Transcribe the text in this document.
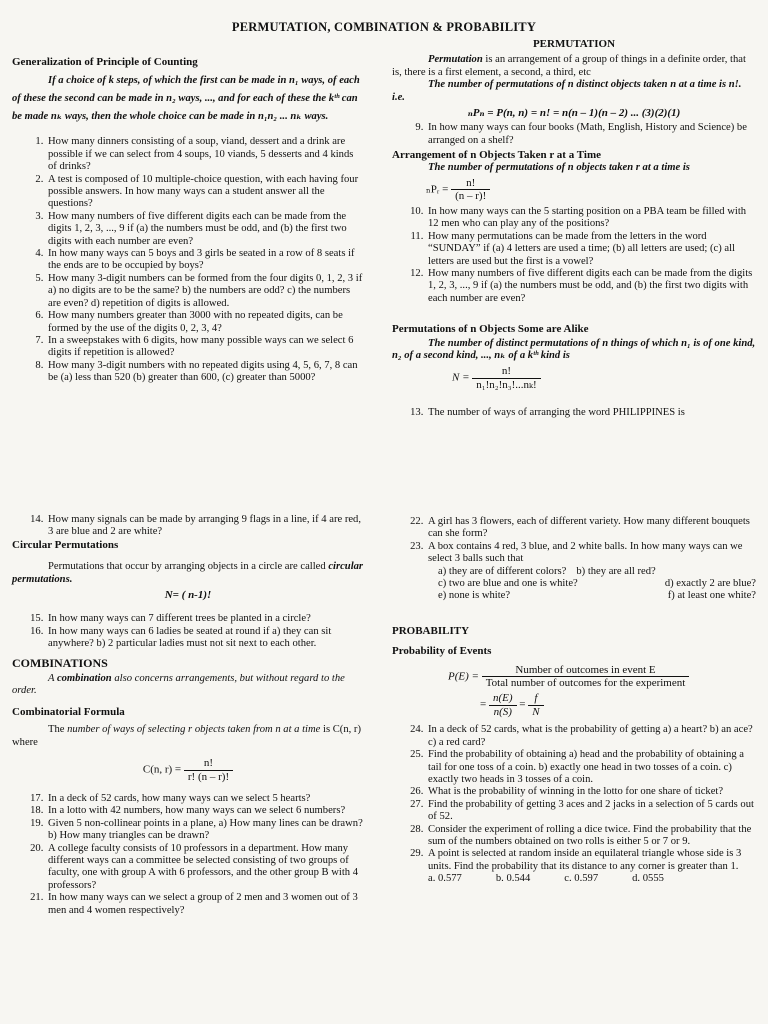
PERMUTATION, COMBINATION & PROBABILITY

Generalization of Principle of Counting

If a choice of k steps, of which the first can be made in n₁ ways, of each of these the second can be made in n₂ ways, ..., and for each of these the kᵗʰ can be made nₖ ways, then the whole choice can be made in n₁n₂ ... nₖ ways.

1. How many dinners consisting of a soup, viand, dessert and a drink are possible if we can select from 4 soups, 10 viands, 5 desserts and 4 kinds of drinks?
2. A test is composed of 10 multiple-choice question, with each having four possible answers. In how many ways can a student answer all the questions?
3. How many numbers of five different digits each can be made from the digits 1, 2, 3, ..., 9 if (a) the numbers must be odd, and (b) the first two digits with each number are even?
4. In how many ways can 5 boys and 3 girls be seated in a row of 8 seats if the ends are to be occupied by boys?
5. How many 3-digit numbers can be formed from the four digits 0, 1, 2, 3 if a) no digits are to be the same? b) the numbers are odd? c) the numbers are even? d) repetition of digits is allowed.
6. How many numbers greater than 3000 with no repeated digits, can be formed by the use of the digits 0, 2, 3, 4?
7. In a sweepstakes with 6 digits, how many possible ways can we select 6 digits if repetition is allowed?
8. How many 3-digit numbers with no repeated digits using 4, 5, 6, 7, 8 can be (a) less than 520 (b) greater than 600, (c) greater than 5000?

PERMUTATION

Permutation is an arrangement of a group of things in a definite order, that is, there is a first element, a second, a third, etc

The number of permutations of n distinct objects taken n at a time is n!. i.e.

ₙPₙ = P(n, n) = n! = n(n – 1)(n – 2) ... (3)(2)(1)

9. In how many ways can four books (Math, English, History and Science) be arranged on a shelf?

Arrangement of n Objects Taken r at a Time

The number of permutations of n objects taken r at a time is

ₙPᵣ = $\frac{n!}{(n - r)!}$
10. In how many ways can the 5 starting position on a PBA team be filled with 12 men who can play any of the positions?
11. How many permutations can be made from the letters in the word “SUNDAY” if (a) 4 letters are used a time; (b) all letters are used; (c) all letters are used but the first is a vowel?
12. How many numbers of five different digits each can be made from the digits 1, 2, 3, ..., 9 if (a) the numbers must be odd, and (b) the first two digits with each number are even?

Permutations of n Objects Some are Alike

The number of distinct permutations of n things of which n₁ is of one kind, n₂ of a second kind, ..., nₖ of a kᵗʰ kind is

$N = \frac{n!}{\text{n₁!n₂!n₃!...nₖ!}}$
13. The number of ways of arranging the word PHILIPPINES is
14. How many signals can be made by arranging 9 flags in a line, if 4 are red, 3 are blue and 2 are white?

Circular Permutations

Permutations that occur by arranging objects in a circle are called circular permutations.

N= ( n-1)!

15. In how many ways can 7 different trees be planted in a circle?
16. In how many ways can 6 ladies be seated at round if a) they can sit anywhere? b) 2 particular ladies must not sit next to each other.

COMBINATIONS

A combination also concerns arrangements, but without regard to the order.

Combinatorial Formula

The number of ways of selecting r objects taken from n at a time is C(n, r) where

C(n, $r) = \frac{n!}{r! (n - r)!}$
17. In a deck of 52 cards, how many ways can we select 5 hearts?
18. In a lotto with 42 numbers, how many ways can we select 6 numbers?
19. Given 5 non-collinear points in a plane, a) How many lines can be drawn? b) How many triangles can be drawn?
20. A college faculty consists of 10 professors in a department. How many different ways can a committee be selected consisting of two groups of faculty, one with group A with 6 professors, and the other group B with 4 professors?
21. In how many ways can we select a group of 2 men and 3 women out of 3 men and 4 women respectively?
22. A girl has 3 flowers, each of different variety. How many different bouquets can she form?
23. A box contains 4 red, 3 blue, and 2 white balls. In how many ways can we select 3 balls such that
a) they are of different colors? b) they are all red?
c) two are blue and one is white?	d) exactly 2 are blue?
e) none is white?	f) at least one white?

PROBABILITY

Probability of Events

$P(E) = \frac{\text{Number of outcomes in event E}}{\text{Total number of outcomes for the experiment}}$
= $\frac{n(E)}{n(S)} = \frac{f}{N}$
24. In a deck of 52 cards, what is the probability of getting a) a heart? b) an ace? c) a red card?
25. Find the probability of obtaining a) head and the probability of obtaining a tail for one toss of a coin. b) exactly one head in two tosses of a coin. c) exactly two heads in 3 tosses of a coin.
26. What is the probability of winning in the lotto for one share of ticket?
27. Find the probability of getting 3 aces and 2 jacks in a selection of 5 cards out of 52.
28. Consider the experiment of rolling a dice twice. Find the probability that the sum of the numbers obtained on two rolls is either 5 or 7 or 9.
29. A point is selected at random inside an equilateral triangle whose side is 3 units. Find the probability that its distance to any corner is greater than 1.
a. 0.577	b. 0.544	c. 0.597	d. 0555
